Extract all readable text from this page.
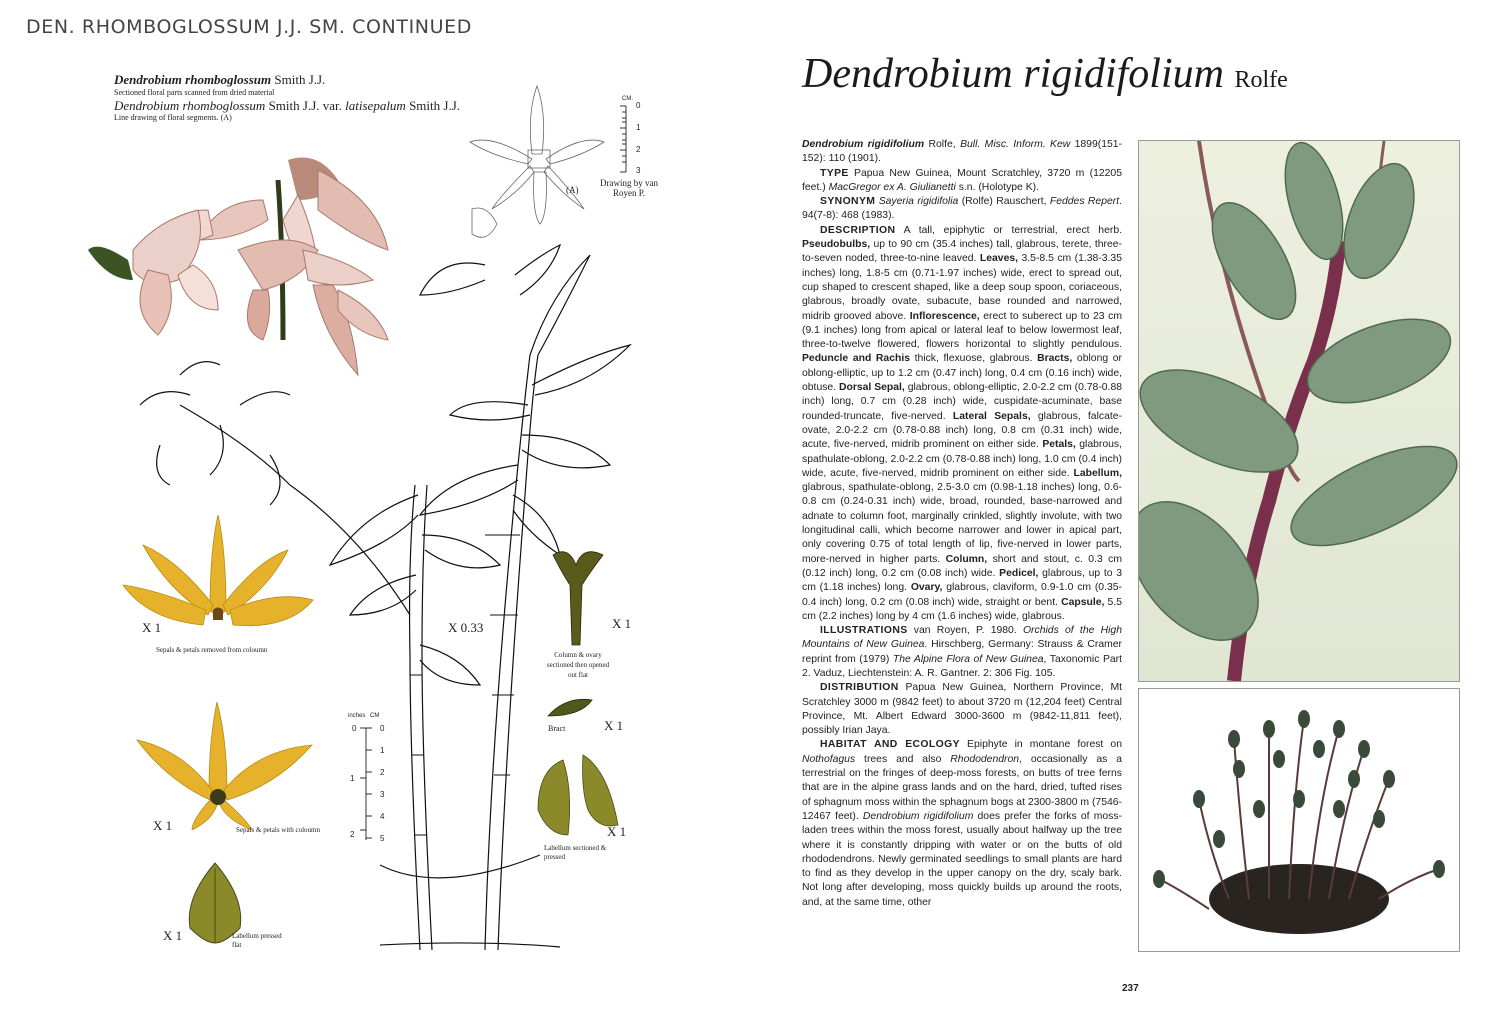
DEN. RHOMBOGLOSSUM J.J. SM. CONTINUED
Dendrobium rhomboglossum Smith J.J.
Sectioned floral parts scanned from dried material
Dendrobium rhomboglossum Smith J.J. var. latisepalum Smith J.J.
Line drawing of floral segments. (A)
(A)
Drawing by van Royen P.
CM.
0
1
2
3
X 0.33
X 1
Sepals & petals removed from coloumn
X 1	Sepals & petals with coloumn
X 1	Labellum pressed flat
X 1
Column & ovary sectioned then opened out flat
X 1
Bract
X 1
Labellum sectioned & pressed
inches CM
0
1
2
0
1
2
3
4
5
Dendrobium rigidifolium Rolfe

Dendrobium rigidifolium Rolfe, Bull. Misc. Inform. Kew 1899(151-152): 110 (1901).

TYPE Papua New Guinea, Mount Scratchley, 3720 m (12205 feet.) MacGregor ex A. Giulianetti s.n. (Holotype K).

SYNONYM Sayeria rigidifolia (Rolfe) Rauschert, Feddes Repert. 94(7-8): 468 (1983).

DESCRIPTION A tall, epiphytic or terrestrial, erect herb. Pseudobulbs, up to 90 cm (35.4 inches) tall, glabrous, terete, three-to-seven noded, three-to-nine leaved. Leaves, 3.5-8.5 cm (1.38-3.35 inches) long, 1.8-5 cm (0.71-1.97 inches) wide, erect to spread out, cup shaped to crescent shaped, like a deep soup spoon, coriaceous, glabrous, broadly ovate, subacute, base rounded and narrowed, midrib grooved above. Inflorescence, erect to suberect up to 23 cm (9.1 inches) long from apical or lateral leaf to below lowermost leaf, three-to-twelve flowered, flowers horizontal to slightly pendulous. Peduncle and Rachis thick, flexuose, glabrous. Bracts, oblong or oblong-elliptic, up to 1.2 cm (0.47 inch) long, 0.4 cm (0.16 inch) wide, obtuse. Dorsal Sepal, glabrous, oblong-elliptic, 2.0-2.2 cm (0.78-0.88 inch) long, 0.7 cm (0.28 inch) wide, cuspidate-acuminate, base rounded-truncate, five-nerved. Lateral Sepals, glabrous, falcate-ovate, 2.0-2.2 cm (0.78-0.88 inch) long, 0.8 cm (0.31 inch) wide, acute, five-nerved, midrib prominent on either side. Petals, glabrous, spathulate-oblong, 2.0-2.2 cm (0.78-0.88 inch) long, 1.0 cm (0.4 inch) wide, acute, five-nerved, midrib prominent on either side. Labellum, glabrous, spathulate-oblong, 2.5-3.0 cm (0.98-1.18 inches) long, 0.6-0.8 cm (0.24-0.31 inch) wide, broad, rounded, base-narrowed and adnate to column foot, marginally crinkled, slightly involute, with two longitudinal calli, which become narrower and lower in apical part, only covering 0.75 of total length of lip, five-nerved in lower parts, more-nerved in higher parts. Column, short and stout, c. 0.3 cm (0.12 inch) long, 0.2 cm (0.08 inch) wide. Pedicel, glabrous, up to 3 cm (1.18 inches) long. Ovary, glabrous, claviform, 0.9-1.0 cm (0.35-0.4 inch) long, 0.2 cm (0.08 inch) wide, straight or bent. Capsule, 5.5 cm (2.2 inches) long by 4 cm (1.6 inches) wide, glabrous.

ILLUSTRATIONS van Royen, P. 1980. Orchids of the High Mountains of New Guinea. Hirschberg, Germany: Strauss & Cramer reprint from (1979) The Alpine Flora of New Guinea, Taxonomic Part 2. Vaduz, Liechtenstein: A. R. Gantner. 2: 306 Fig. 105.

DISTRIBUTION Papua New Guinea, Northern Province, Mt Scratchley 3000 m (9842 feet) to about 3720 m (12,204 feet) Central Province, Mt. Albert Edward 3000-3600 m (9842-11,811 feet), possibly Irian Jaya.

HABITAT AND ECOLOGY Epiphyte in montane forest on Nothofagus trees and also Rhododendron, occasionally as a terrestrial on the fringes of deep-moss forests, on butts of tree ferns that are in the alpine grass lands and on the hard, dried, tufted rises of sphagnum moss within the sphagnum bogs at 2300-3800 m (7546-12467 feet). Dendrobium rigidifolium does prefer the forks of moss-laden trees within the moss forest, usually about halfway up the tree where it is constantly dripping with water or on the butts of old rhododendrons. Newly germinated seedlings to small plants are hard to find as they develop in the upper canopy on the dry, scaly bark. Not long after developing, moss quickly builds up around the roots, and, at the same time, other

237
